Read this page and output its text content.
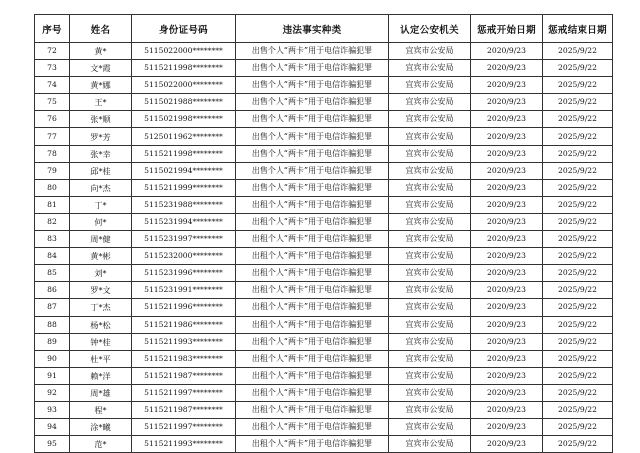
序号	姓名	身份证号码	违法事实种类	认定公安机关	惩戒开始日期	惩戒结束日期
72	黄*	5115022000********	出售个人“两卡”用于电信诈骗犯罪	宜宾市公安局	2020/9/23	2025/9/22
73	文*霞	5115211998********	出售个人“两卡”用于电信诈骗犯罪	宜宾市公安局	2020/9/23	2025/9/22
74	黄*娜	5115022000********	出售个人“两卡”用于电信诈骗犯罪	宜宾市公安局	2020/9/23	2025/9/22
75	王*	5115021988********	出售个人“两卡”用于电信诈骗犯罪	宜宾市公安局	2020/9/23	2025/9/22
76	张*顺	5115021998********	出售个人“两卡”用于电信诈骗犯罪	宜宾市公安局	2020/9/23	2025/9/22
77	罗*芳	5125011962********	出售个人“两卡”用于电信诈骗犯罪	宜宾市公安局	2020/9/23	2025/9/22
78	张*幸	5115211998********	出售个人“两卡”用于电信诈骗犯罪	宜宾市公安局	2020/9/23	2025/9/22
79	邱*桂	5115021994********	出售个人“两卡”用于电信诈骗犯罪	宜宾市公安局	2020/9/23	2025/9/22
80	向*杰	5115211999********	出售个人“两卡”用于电信诈骗犯罪	宜宾市公安局	2020/9/23	2025/9/22
81	丁*	5115231988********	出租个人“两卡”用于电信诈骗犯罪	宜宾市公安局	2020/9/23	2025/9/22
82	何*	5115231994********	出租个人“两卡”用于电信诈骗犯罪	宜宾市公安局	2020/9/23	2025/9/22
83	周*健	5115231997********	出租个人“两卡”用于电信诈骗犯罪	宜宾市公安局	2020/9/23	2025/9/22
84	黄*彬	5115232000********	出租个人“两卡”用于电信诈骗犯罪	宜宾市公安局	2020/9/23	2025/9/22
85	刘*	5115231996********	出租个人“两卡”用于电信诈骗犯罪	宜宾市公安局	2020/9/23	2025/9/22
86	罗*文	5115231991********	出租个人“两卡”用于电信诈骗犯罪	宜宾市公安局	2020/9/23	2025/9/22
87	丁*杰	5115211996********	出租个人“两卡”用于电信诈骗犯罪	宜宾市公安局	2020/9/23	2025/9/22
88	杨*松	5115211986********	出租个人“两卡”用于电信诈骗犯罪	宜宾市公安局	2020/9/23	2025/9/22
89	钟*桂	5115211993********	出租个人“两卡”用于电信诈骗犯罪	宜宾市公安局	2020/9/23	2025/9/22
90	杜*平	5115211983********	出租个人“两卡”用于电信诈骗犯罪	宜宾市公安局	2020/9/23	2025/9/22
91	赖*洋	5115211987********	出租个人“两卡”用于电信诈骗犯罪	宜宾市公安局	2020/9/23	2025/9/22
92	周*雄	5115211997********	出租个人“两卡”用于电信诈骗犯罪	宜宾市公安局	2020/9/23	2025/9/22
93	程*	5115211987********	出租个人“两卡”用于电信诈骗犯罪	宜宾市公安局	2020/9/23	2025/9/22
94	涂*曦	5115211997********	出租个人“两卡”用于电信诈骗犯罪	宜宾市公安局	2020/9/23	2025/9/22
95	范*	5115211993********	出租个人“两卡”用于电信诈骗犯罪	宜宾市公安局	2020/9/23	2025/9/22
